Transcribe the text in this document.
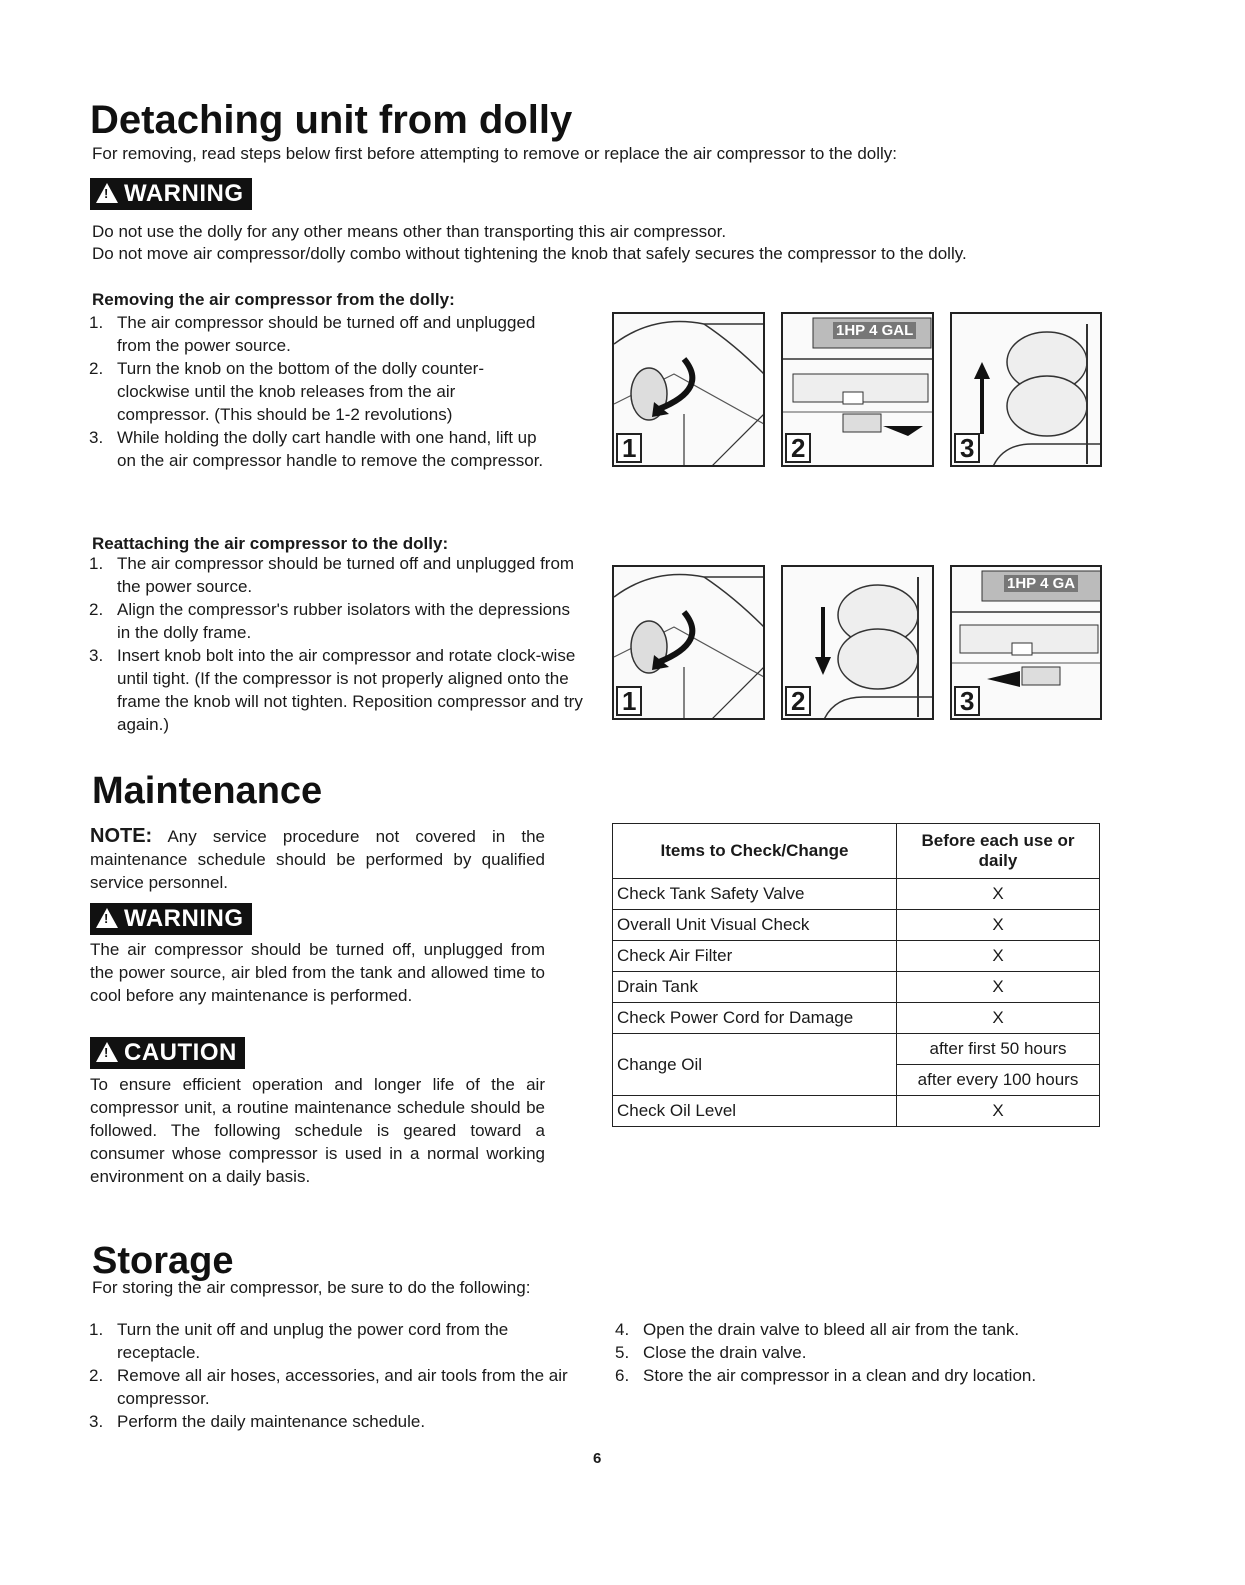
Detaching unit from dolly
For removing, read steps below first before attempting to remove or replace the air compressor to the dolly:
!WARNING
Do not use the dolly for any other means other than transporting this air compressor.
Do not move air compressor/dolly combo without tightening the knob that safely secures the compressor to the dolly.
Removing the air compressor from the dolly:
1. The air compressor should be turned off and unplugged from the power source.
2. Turn the knob on the bottom of the dolly counter-clockwise until the knob releases from the air compressor. (This should be 1-2 revolutions)
3. While holding the dolly cart handle with one hand, lift up on the air compressor handle to remove the compressor.	1
1HP 4 GAL
2	3
Reattaching the air compressor to the dolly:
1. The air compressor should be turned off and unplugged from the power source.
2. Align the compressor's rubber isolators with the depressions in the dolly frame.
3. Insert knob bolt into the air compressor and rotate clock-wise until tight. (If the compressor is not properly aligned onto the frame the knob will not tighten. Reposition compressor and try again.)
1	2
1HP 4 GA
3
Maintenance
NOTE: Any service procedure not covered in the maintenance schedule should be performed by qualified service personnel.
!WARNING
The air compressor should be turned off, unplugged from the power source, air bled from the tank and allowed time to cool before any maintenance is performed.
!CAUTION
To ensure efficient operation and longer life of the air compressor unit, a routine maintenance schedule should be followed. The following schedule is geared toward a consumer whose compressor is used in a normal working environment on a daily basis.
Items to Check/Change	Before each use or daily
Check Tank Safety Valve	X
Overall Unit Visual Check	X
Check Air Filter	X
Drain Tank	X
Check Power Cord for Damage	X
Change Oil	after first 50 hours
	after every 100 hours
Check Oil Level	X
Storage
For storing the air compressor, be sure to do the following:
1. Turn the unit off and unplug the power cord from the receptacle.
2. Remove all air hoses, accessories, and air tools from the air compressor.
3. Perform the daily maintenance schedule.
4. Open the drain valve to bleed all air from the tank.
5. Close the drain valve.
6. Store the air compressor in a clean and dry location.
6
